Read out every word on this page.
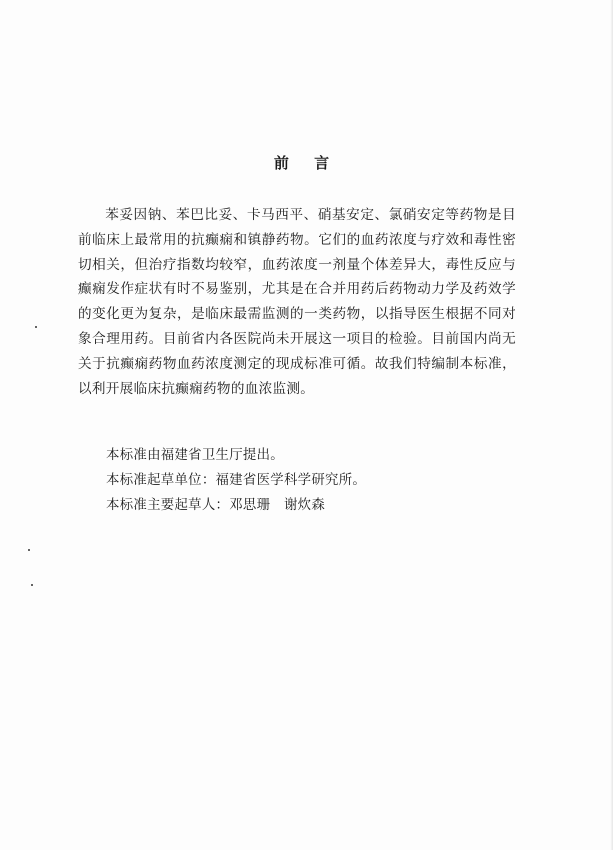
前 言

苯妥因钠、苯巴比妥、卡马西平、硝基安定、氯硝安定等药物是目前临床上最常用的抗癫痫和镇静药物。它们的血药浓度与疗效和毒性密切相关，但治疗指数均较窄，血药浓度一剂量个体差异大，毒性反应与癫痫发作症状有时不易鉴别，尤其是在合并用药后药物动力学及药效学的变化更为复杂，是临床最需监测的一类药物，以指导医生根据不同对象合理用药。目前省内各医院尚未开展这一项目的检验。目前国内尚无关于抗癫痫药物血药浓度测定的现成标准可循。故我们特编制本标准，以利开展临床抗癫痫药物的血浓监测。

本标准由福建省卫生厅提出。

本标准起草单位：福建省医学科学研究所。

本标准主要起草人：邓思珊　谢炊森
